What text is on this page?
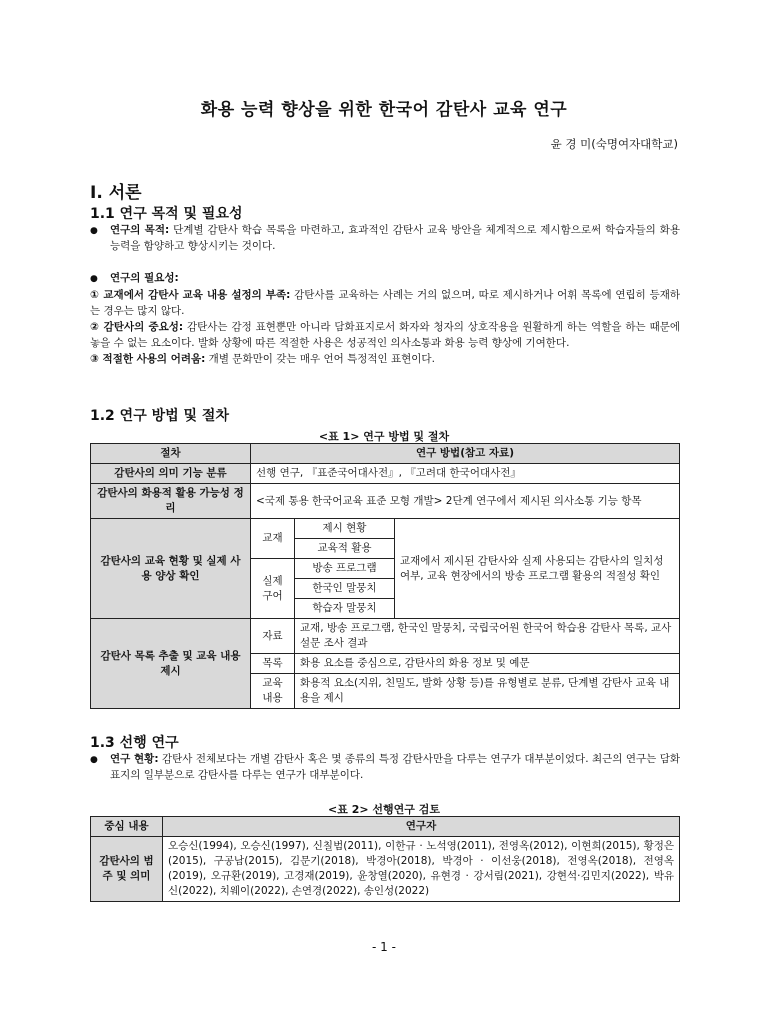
화용 능력 향상을 위한 한국어 감탄사 교육 연구
윤 경 미(숙명여자대학교)
Ⅰ. 서론
1.1 연구 목적 및 필요성
●	연구의 목적: 단계별 감탄사 학습 목록을 마련하고, 효과적인 감탄사 교육 방안을 체계적으로 제시함으로써 학습자들의 화용 능력을 함양하고 향상시키는 것이다.
●	연구의 필요성:
① 교재에서 감탄사 교육 내용 설정의 부족: 감탄사를 교육하는 사례는 거의 없으며, 따로 제시하거나 어휘 목록에 연립히 등재하는 경우는 많지 않다.
② 감탄사의 중요성: 감탄사는 감정 표현뿐만 아니라 담화표지로서 화자와 청자의 상호작용을 원활하게 하는 역할을 하는 때문에 놓을 수 없는 요소이다. 발화 상황에 따른 적절한 사용은 성공적인 의사소통과 화용 능력 향상에 기여한다.
③ 적절한 사용의 어려움: 개별 문화만이 갖는 매우 언어 특정적인 표현이다.
1.2 연구 방법 및 절차
<표 1> 연구 방법 및 절차
절차	연구 방법(참고 자료)		
감탄사의 의미 기능 분류	선행 연구, 『표준국어대사전』, 『고려대 한국어대사전』		
감탄사의 화용적 활용 가능성 정리	<국제 통용 한국어교육 표준 모형 개발> 2단계 연구에서 제시된 의사소통 기능 항목		
감탄사의 교육 현황 및 실제 사용 양상 확인	교재	제시 현황	교재에서 제시된 감탄사와 실제 사용되는 감탄사의 일치성 여부, 교육 현장에서의 방송 프로그램 활용의 적절성 확인
		교육적 활용	
	실제 구어	방송 프로그램	
		한국인 말뭉치	
		학습자 말뭉치	
감탄사 목록 추출 및 교육 내용 제시	자료	교재, 방송 프로그램, 한국인 말뭉치, 국립국어원 한국어 학습용 감탄사 목록, 교사 설문 조사 결과	
	목록	화용 요소를 중심으로, 감탄사의 화용 정보 및 예문	
	교육 내용	화용적 요소(지위, 친밀도, 발화 상황 등)를 유형별로 분류, 단계별 감탄사 교육 내용을 제시	
1.3 선행 연구
●	연구 현황: 감탄사 전체보다는 개별 감탄사 혹은 몇 종류의 특정 감탄사만을 다루는 연구가 대부분이었다. 최근의 연구는 담화 표지의 일부분으로 감탄사를 다루는 연구가 대부분이다.
<표 2> 선행연구 검토
중심 내용	연구자
감탄사의 범주 및 의미	오승신(1994), 오승신(1997), 신칠범(2011), 이한규 · 노석영(2011), 전영옥(2012), 이현희(2015), 황정은(2015), 구공남(2015), 김문기(2018), 박경아(2018), 박경아 · 이선웅(2018), 전영옥(2018), 전영옥(2019), 오규환(2019), 고경재(2019), 윤창열(2020), 유현경 · 강서림(2021), 강현석·김민지(2022), 박유신(2022), 치웨이(2022), 손연경(2022), 송인성(2022)
- 1 -
